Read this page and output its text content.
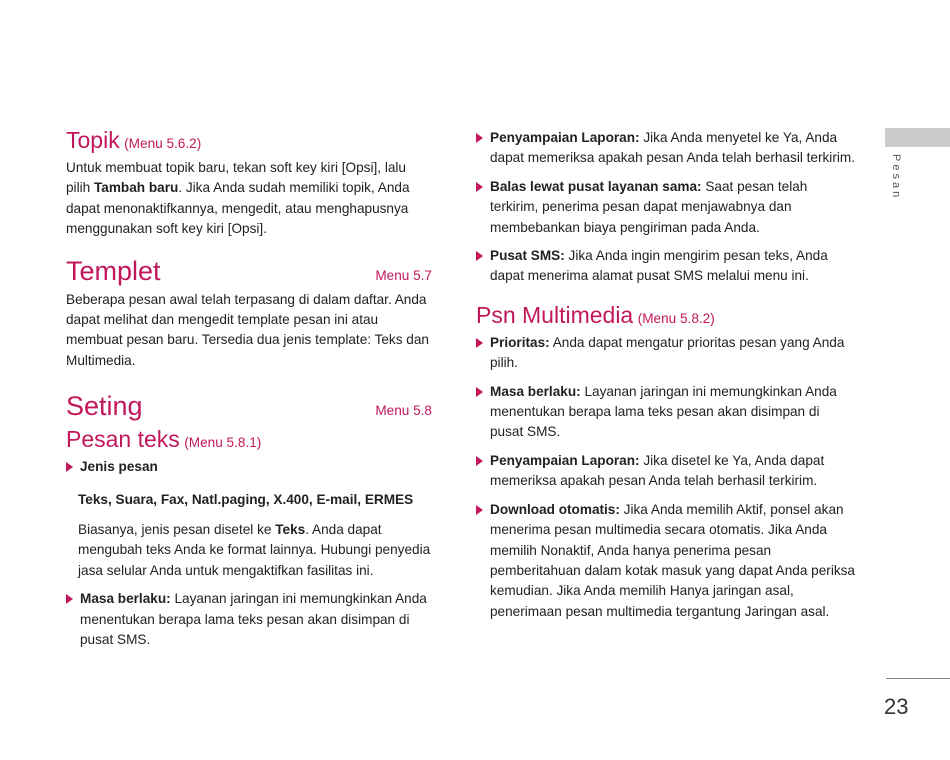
Pesan
23
Topik (Menu 5.6.2)

Untuk membuat topik baru, tekan soft key kiri [Opsi], lalu pilih Tambah baru. Jika Anda sudah memiliki topik, Anda dapat menonaktifkannya, mengedit, atau menghapusnya menggunakan soft key kiri [Opsi].

Templet	Menu 5.7

Beberapa pesan awal telah terpasang di dalam daftar. Anda dapat melihat dan mengedit template pesan ini atau membuat pesan baru. Tersedia dua jenis template: Teks dan Multimedia.

Seting	Menu 5.8
Pesan teks (Menu 5.8.1)

Jenis pesan

Teks, Suara, Fax, Natl.paging, X.400, E-mail, ERMES

Biasanya, jenis pesan disetel ke Teks. Anda dapat mengubah teks Anda ke format lainnya. Hubungi penyedia jasa selular Anda untuk mengaktifkan fasilitas ini.

Masa berlaku: Layanan jaringan ini memungkinkan Anda menentukan berapa lama teks pesan akan disimpan di pusat SMS.

Penyampaian Laporan: Jika Anda menyetel ke Ya, Anda dapat memeriksa apakah pesan Anda telah berhasil terkirim.

Balas lewat pusat layanan sama: Saat pesan telah terkirim, penerima pesan dapat menjawabnya dan membebankan biaya pengiriman pada Anda.

Pusat SMS: Jika Anda ingin mengirim pesan teks, Anda dapat menerima alamat pusat SMS melalui menu ini.

Psn Multimedia (Menu 5.8.2)

Prioritas: Anda dapat mengatur prioritas pesan yang Anda pilih.

Masa berlaku: Layanan jaringan ini memungkinkan Anda menentukan berapa lama teks pesan akan disimpan di pusat SMS.

Penyampaian Laporan: Jika disetel ke Ya, Anda dapat memeriksa apakah pesan Anda telah berhasil terkirim.

Download otomatis: Jika Anda memilih Aktif, ponsel akan menerima pesan multimedia secara otomatis. Jika Anda memilih Nonaktif, Anda hanya penerima pesan pemberitahuan dalam kotak masuk yang dapat Anda periksa kemudian. Jika Anda memilih Hanya jaringan asal, penerimaan pesan multimedia tergantung Jaringan asal.
